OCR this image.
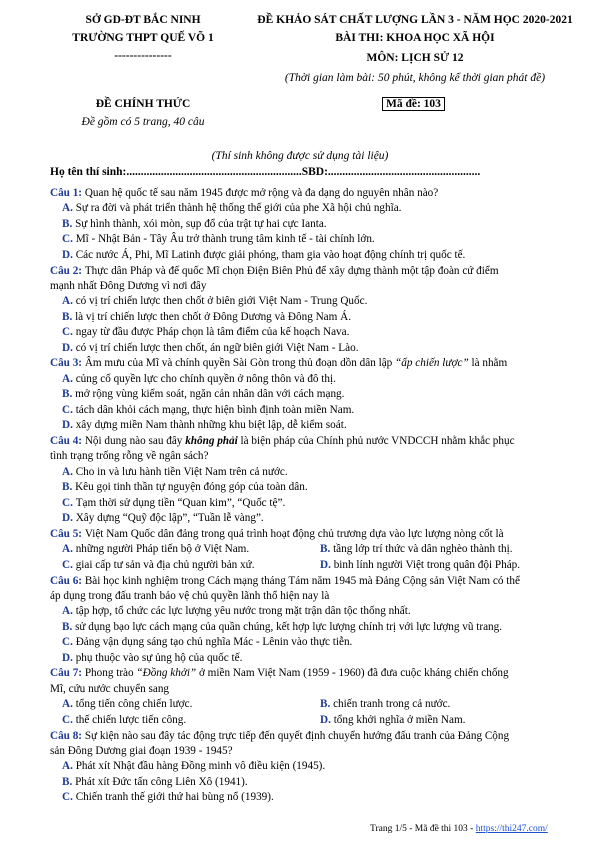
SỞ GD-ĐT BẮC NINH
TRƯỜNG THPT QUẾ VÕ 1
---------------
ĐỀ CHÍNH THỨC
Đề gồm có 5 trang, 40 câu
ĐỀ KHẢO SÁT CHẤT LƯỢNG LẦN 3 - NĂM HỌC 2020-2021
BÀI THI: KHOA HỌC XÃ HỘI
MÔN: LỊCH SỬ 12
(Thời gian làm bài: 50 phút, không kể thời gian phát đề)
Mã đề: 103
(Thí sinh không được sử dụng tài liệu)
Họ tên thí sinh:.............................................................SBD:.....................................................
Câu 1: Quan hệ quốc tế sau năm 1945 được mở rộng và đa dạng do nguyên nhân nào?
A. Sự ra đời và phát triển thành hệ thống thế giới của phe Xã hội chủ nghĩa.
B. Sự hình thành, xói mòn, sụp đổ của trật tự hai cực Ianta.
C. Mĩ - Nhật Bản - Tây Âu trở thành trung tâm kinh tế - tài chính lớn.
D. Các nước Á, Phi, Mĩ Latinh được giải phóng, tham gia vào hoạt động chính trị quốc tế.
Câu 2: Thực dân Pháp và đế quốc Mĩ chọn Điện Biên Phủ để xây dựng thành một tập đoàn cứ điểm
mạnh nhất Đông Dương vì nơi đây
A. có vị trí chiến lược then chốt ở biên giới Việt Nam - Trung Quốc.
B. là vị trí chiến lược then chốt ở Đông Dương và Đông Nam Á.
C. ngay từ đầu được Pháp chọn là tâm điểm của kế hoạch Nava.
D. có vị trí chiến lược then chốt, án ngữ biên giới Việt Nam - Lào.
Câu 3: Âm mưu của Mĩ và chính quyền Sài Gòn trong thủ đoạn dồn dân lập “ấp chiến lược” là nhằm
A. củng cố quyền lực cho chính quyền ở nông thôn và đô thị.
B. mở rộng vùng kiểm soát, ngăn cản nhân dân với cách mạng.
C. tách dân khỏi cách mạng, thực hiện bình định toàn miền Nam.
D. xây dựng miền Nam thành những khu biệt lập, dễ kiểm soát.
Câu 4: Nội dung nào sau đây không phải là biện pháp của Chính phủ nước VNDCCH nhằm khắc phục
tình trạng trống rỗng về ngân sách?
A. Cho in và lưu hành tiền Việt Nam trên cả nước.
B. Kêu gọi tinh thần tự nguyện đóng góp của toàn dân.
C. Tạm thời sử dụng tiền “Quan kim”, “Quốc tệ”.
D. Xây dựng “Quỹ độc lập”, “Tuần lễ vàng”.
Câu 5: Việt Nam Quốc dân đảng trong quá trình hoạt động chủ trương dựa vào lực lượng nòng cốt là
A. những người Pháp tiến bộ ở Việt Nam.	B. tầng lớp trí thức và dân nghèo thành thị.
C. giai cấp tư sản và địa chủ người bản xứ.	D. binh lính người Việt trong quân đội Pháp.
Câu 6: Bài học kinh nghiệm trong Cách mạng tháng Tám năm 1945 mà Đảng Cộng sản Việt Nam có thể
áp dụng trong đấu tranh bảo vệ chủ quyền lãnh thổ hiện nay là
A. tập hợp, tổ chức các lực lượng yêu nước trong mặt trận dân tộc thống nhất.
B. sử dụng bạo lực cách mạng của quần chúng, kết hợp lực lượng chính trị với lực lượng vũ trang.
C. Đảng vận dụng sáng tạo chủ nghĩa Mác - Lênin vào thực tiễn.
D. phụ thuộc vào sự ủng hộ của quốc tế.
Câu 7: Phong trào “Đồng khởi” ở miền Nam Việt Nam (1959 - 1960) đã đưa cuộc kháng chiến chống
Mĩ, cứu nước chuyển sang
A. tổng tiến công chiến lược.	B. chiến tranh trong cả nước.
C. thế chiến lược tiến công.	D. tổng khởi nghĩa ở miền Nam.
Câu 8: Sự kiện nào sau đây tác động trực tiếp đến quyết định chuyển hướng đấu tranh của Đảng Cộng
sản Đông Dương giai đoạn 1939 - 1945?
A. Phát xít Nhật đầu hàng Đồng minh vô điều kiện (1945).
B. Phát xít Đức tấn công Liên Xô (1941).
C. Chiến tranh thế giới thứ hai bùng nổ (1939).
Trang 1/5 - Mã đề thi 103 - https://thi247.com/
